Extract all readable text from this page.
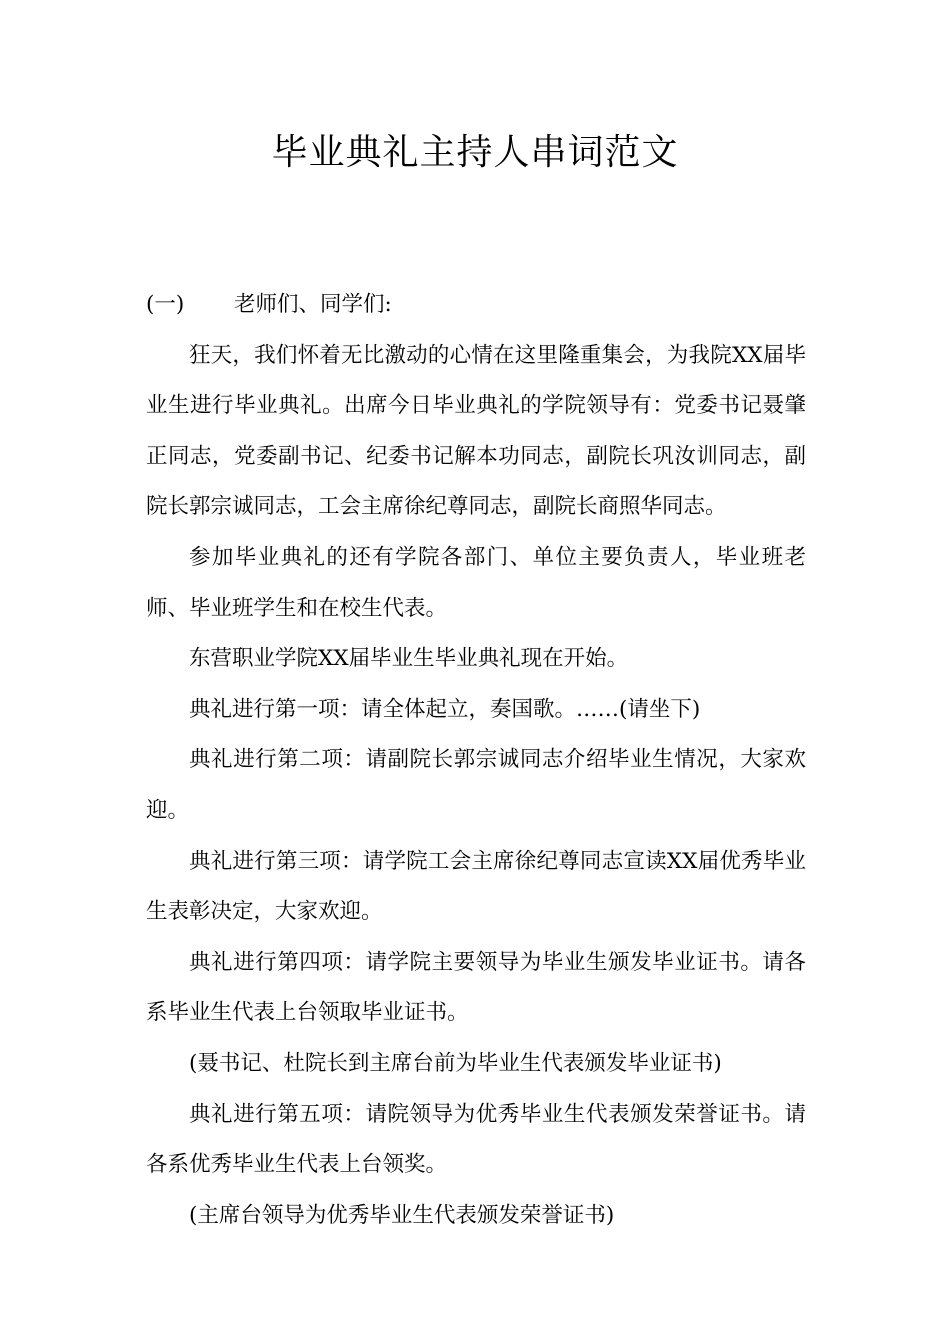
毕业典礼主持人串词范文

(一)	老师们、同学们:

狂天，我们怀着无比激动的心情在这里隆重集会，为我院XX届毕业生进行毕业典礼。出席今日毕业典礼的学院领导有：党委书记聂肇正同志，党委副书记、纪委书记解本功同志，副院长巩汝训同志，副院长郭宗诚同志，工会主席徐纪尊同志，副院长商照华同志。

参加毕业典礼的还有学院各部门、单位主要负责人，毕业班老师、毕业班学生和在校生代表。

东营职业学院XX届毕业生毕业典礼现在开始。

典礼进行第一项：请全体起立，奏国歌。……(请坐下)

典礼进行第二项：请副院长郭宗诚同志介绍毕业生情况，大家欢迎。

典礼进行第三项：请学院工会主席徐纪尊同志宣读XX届优秀毕业生表彰决定，大家欢迎。

典礼进行第四项：请学院主要领导为毕业生颁发毕业证书。请各系毕业生代表上台领取毕业证书。

(聂书记、杜院长到主席台前为毕业生代表颁发毕业证书)

典礼进行第五项：请院领导为优秀毕业生代表颁发荣誉证书。请各系优秀毕业生代表上台领奖。

(主席台领导为优秀毕业生代表颁发荣誉证书)
